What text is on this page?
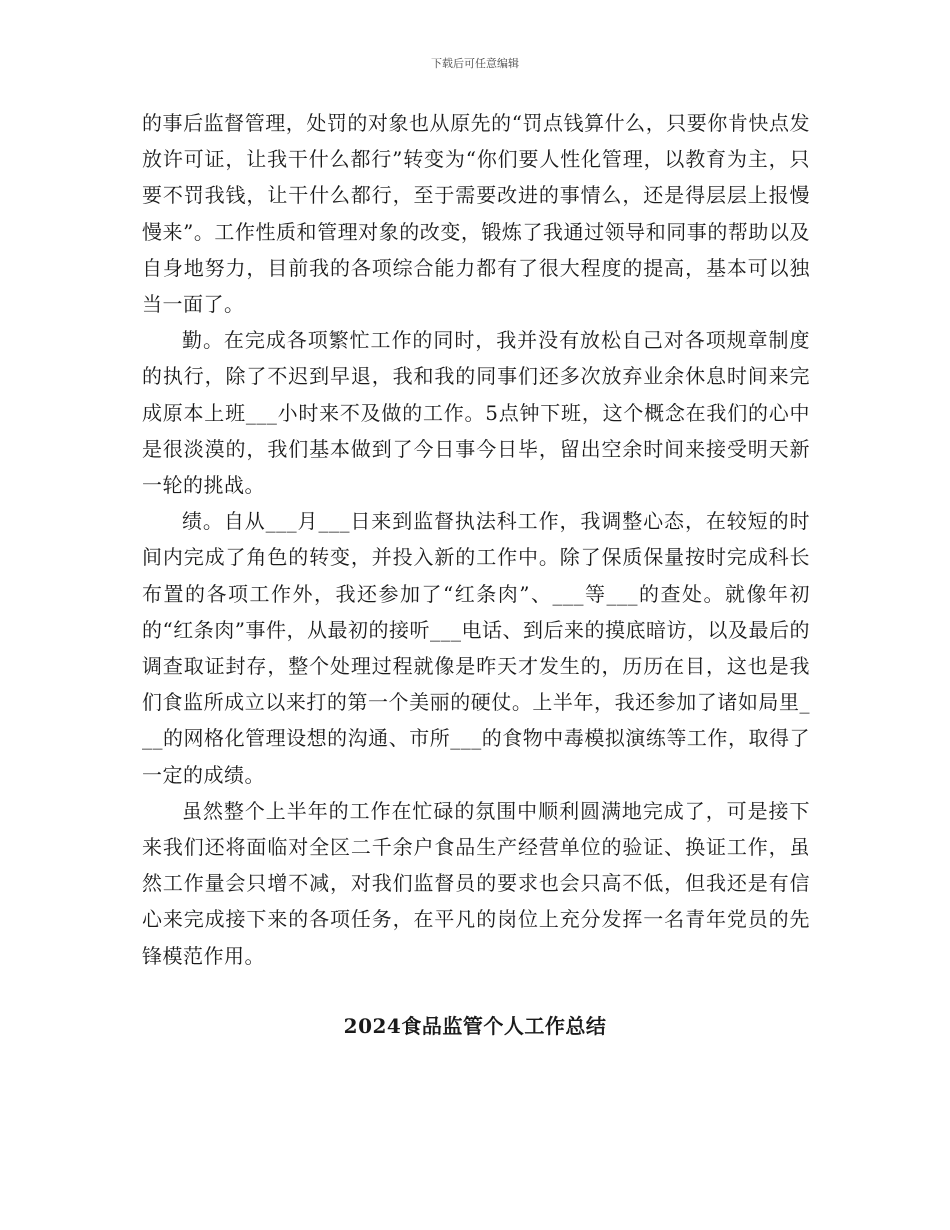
下载后可任意编辑

的事后监督管理，处罚的对象也从原先的“罚点钱算什么，只要你肯快点发放许可证，让我干什么都行”转变为“你们要人性化管理，以教育为主，只要不罚我钱，让干什么都行，至于需要改进的事情么，还是得层层上报慢慢来”。工作性质和管理对象的改变，锻炼了我通过领导和同事的帮助以及自身地努力，目前我的各项综合能力都有了很大程度的提高，基本可以独当一面了。

勤。在完成各项繁忙工作的同时，我并没有放松自己对各项规章制度的执行，除了不迟到早退，我和我的同事们还多次放弃业余休息时间来完成原本上班___小时来不及做的工作。5点钟下班，这个概念在我们的心中是很淡漠的，我们基本做到了今日事今日毕，留出空余时间来接受明天新一轮的挑战。

绩。自从___月___日来到监督执法科工作，我调整心态，在较短的时间内完成了角色的转变，并投入新的工作中。除了保质保量按时完成科长布置的各项工作外，我还参加了“红条肉”、___等___的查处。就像年初的“红条肉”事件，从最初的接听___电话、到后来的摸底暗访，以及最后的调查取证封存，整个处理过程就像是昨天才发生的，历历在目，这也是我们食监所成立以来打的第一个美丽的硬仗。上半年，我还参加了诸如局里___的网格化管理设想的沟通、市所___的食物中毒模拟演练等工作，取得了一定的成绩。

虽然整个上半年的工作在忙碌的氛围中顺利圆满地完成了，可是接下来我们还将面临对全区二千余户食品生产经营单位的验证、换证工作，虽然工作量会只增不减，对我们监督员的要求也会只高不低，但我还是有信心来完成接下来的各项任务，在平凡的岗位上充分发挥一名青年党员的先锋模范作用。

2024食品监管个人工作总结
